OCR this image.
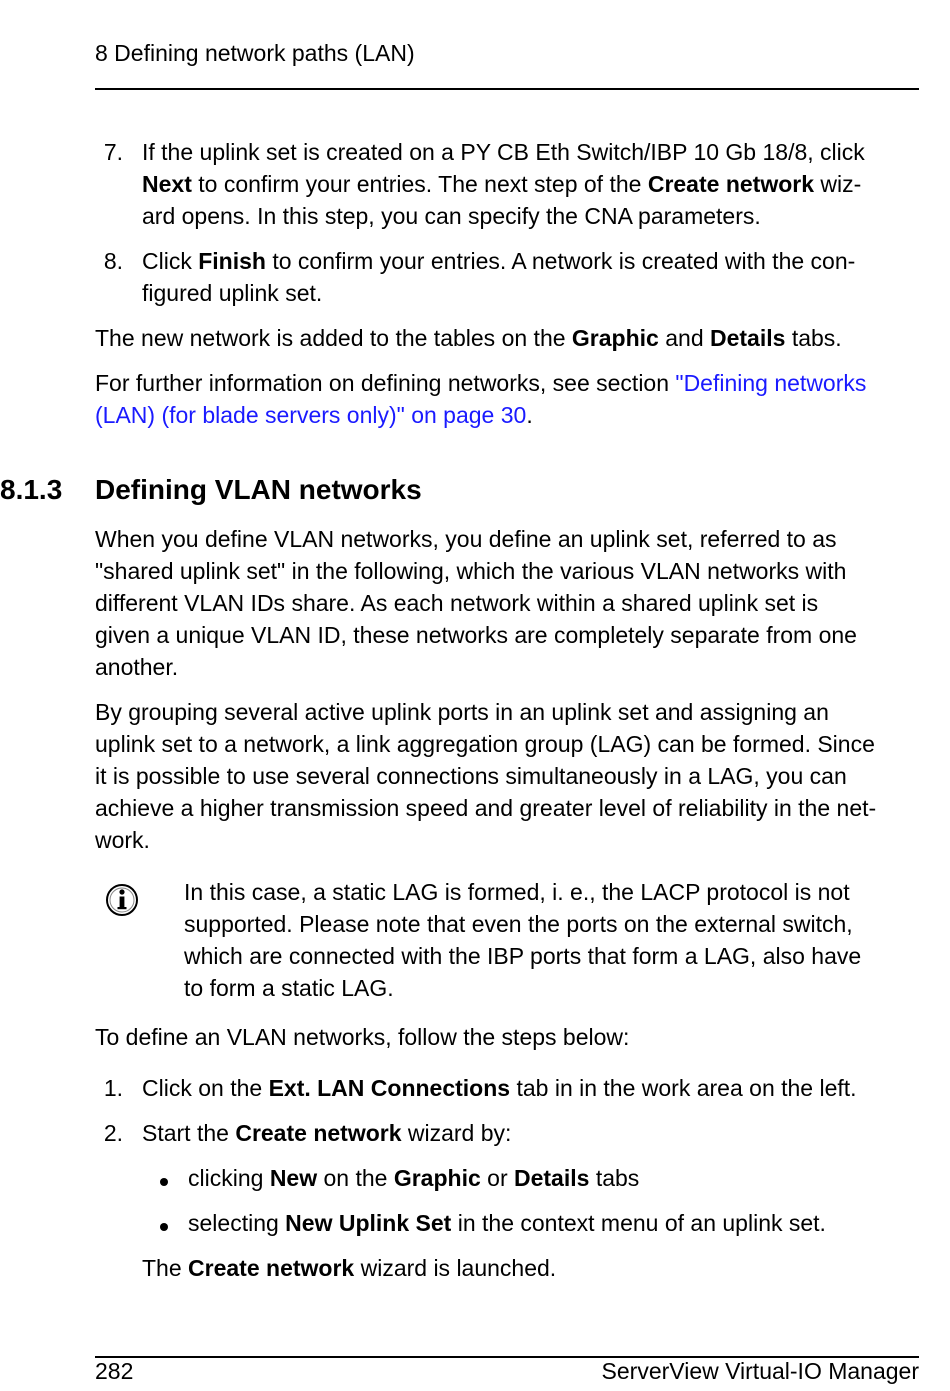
8 Defining network paths (LAN)
7. If the uplink set is created on a PY CB Eth Switch/IBP 10 Gb 18/8, click
Next to confirm your entries. The next step of the Create network wiz-
ard opens. In this step, you can specify the CNA parameters.
8. Click Finish to confirm your entries. A network is created with the con-
figured uplink set.
The new network is added to the tables on the Graphic and Details tabs.
For further information on defining networks, see section "Defining networks
(LAN) (for blade servers only)" on page 30.
8.1.3 Defining VLAN networks
When you define VLAN networks, you define an uplink set, referred to as
"shared uplink set" in the following, which the various VLAN networks with
different VLAN IDs share. As each network within a shared uplink set is
given a unique VLAN ID, these networks are completely separate from one
another.
By grouping several active uplink ports in an uplink set and assigning an
uplink set to a network, a link aggregation group (LAG) can be formed. Since
it is possible to use several connections simultaneously in a LAG, you can
achieve a higher transmission speed and greater level of reliability in the net-
work.
In this case, a static LAG is formed, i. e., the LACP protocol is not
supported. Please note that even the ports on the external switch,
which are connected with the IBP ports that form a LAG, also have
to form a static LAG.
To define an VLAN networks, follow the steps below:
1. Click on the Ext. LAN Connections tab in in the work area on the left.
2. Start the Create network wizard by:
clicking New on the Graphic or Details tabs
selecting New Uplink Set in the context menu of an uplink set.
The Create network wizard is launched.
282	ServerView Virtual-IO Manager
